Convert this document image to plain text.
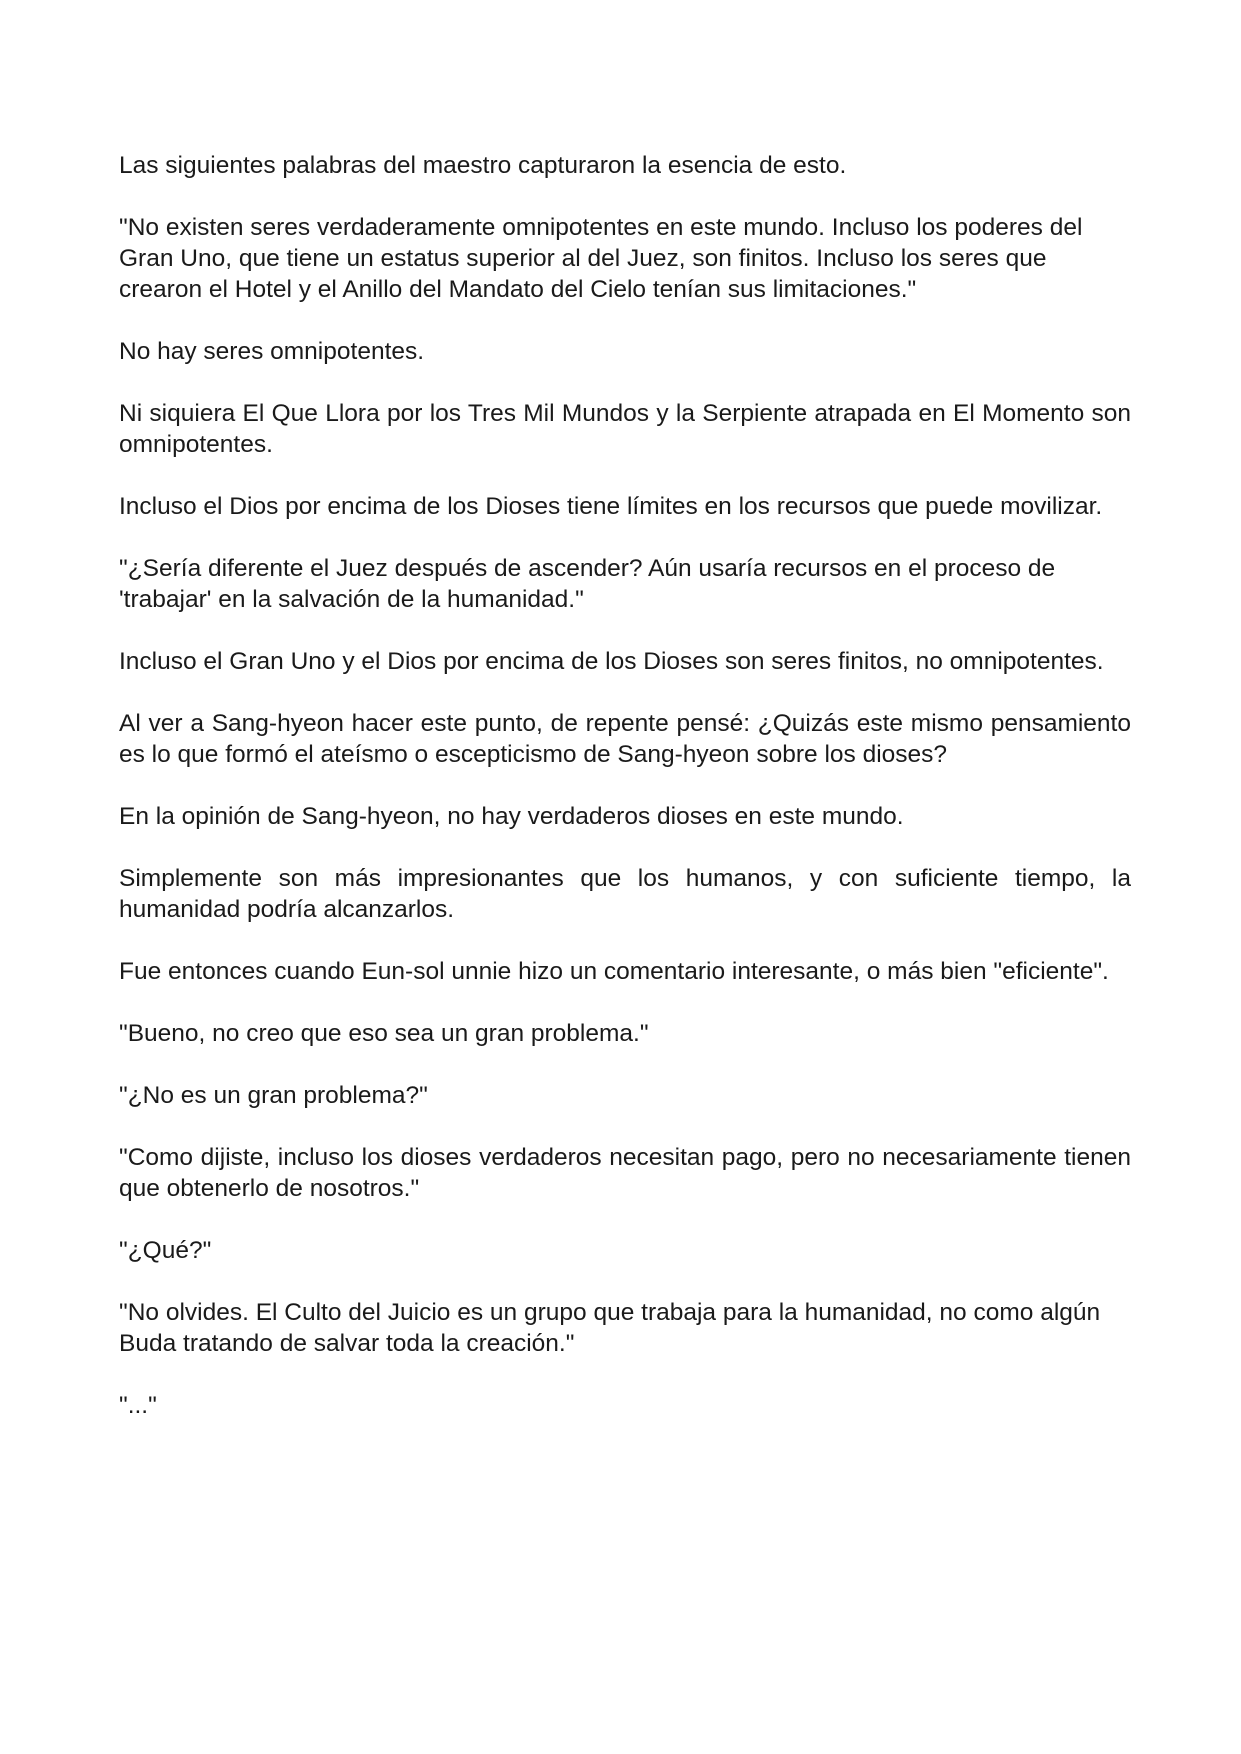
Las siguientes palabras del maestro capturaron la esencia de esto.

"No existen seres verdaderamente omnipotentes en este mundo. Incluso los poderes del Gran Uno, que tiene un estatus superior al del Juez, son finitos. Incluso los seres que crearon el Hotel y el Anillo del Mandato del Cielo tenían sus limitaciones."

No hay seres omnipotentes.

Ni siquiera El Que Llora por los Tres Mil Mundos y la Serpiente atrapada en El Momento son omnipotentes.

Incluso el Dios por encima de los Dioses tiene límites en los recursos que puede movilizar.

"¿Sería diferente el Juez después de ascender? Aún usaría recursos en el proceso de 'trabajar' en la salvación de la humanidad."

Incluso el Gran Uno y el Dios por encima de los Dioses son seres finitos, no omnipotentes.

Al ver a Sang-hyeon hacer este punto, de repente pensé: ¿Quizás este mismo pensamiento es lo que formó el ateísmo o escepticismo de Sang-hyeon sobre los dioses?

En la opinión de Sang-hyeon, no hay verdaderos dioses en este mundo.

Simplemente son más impresionantes que los humanos, y con suficiente tiempo, la humanidad podría alcanzarlos.

Fue entonces cuando Eun-sol unnie hizo un comentario interesante, o más bien "eficiente".

"Bueno, no creo que eso sea un gran problema."

"¿No es un gran problema?"

"Como dijiste, incluso los dioses verdaderos necesitan pago, pero no necesariamente tienen que obtenerlo de nosotros."

"¿Qué?"

"No olvides. El Culto del Juicio es un grupo que trabaja para la humanidad, no como algún Buda tratando de salvar toda la creación."

"..."
